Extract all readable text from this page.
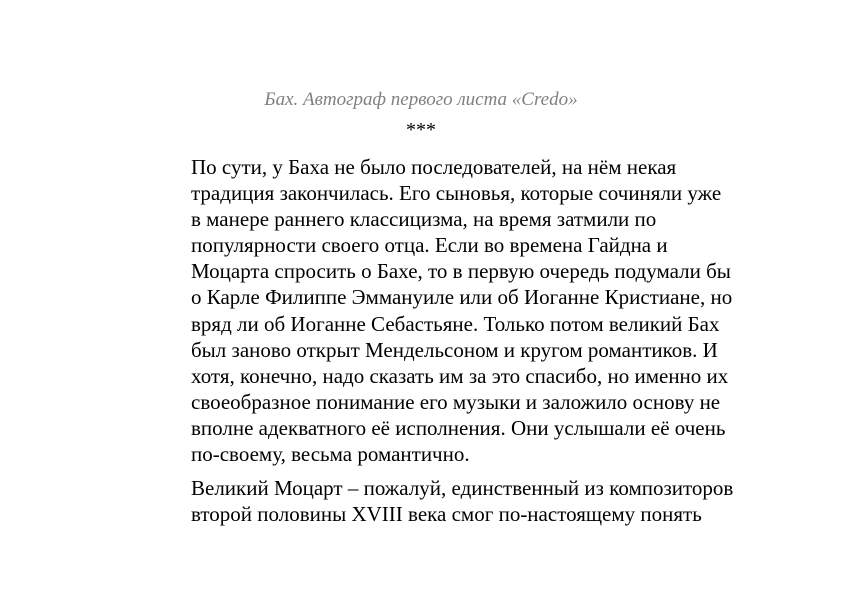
Бах. Автограф первого листа «Credo»
***

По сути, у Баха не было последователей, на нём некая
традиция закончилась. Его сыновья, которые сочиняли уже
в манере раннего классицизма, на время затмили по
популярности своего отца. Если во времена Гайдна и
Моцарта спросить о Бахе, то в первую очередь подумали бы
о Карле Филиппе Эммануиле или об Иоганне Кристиане, но
вряд ли об Иоганне Себастьяне. Только потом великий Бах
был заново открыт Мендельсоном и кругом романтиков. И
хотя, конечно, надо сказать им за это спасибо, но именно их
своеобразное понимание его музыки и заложило основу не
вполне адекватного её исполнения. Они услышали её очень
по-своему, весьма романтично.

Великий Моцарт – пожалуй, единственный из композиторов
второй половины XVIII века смог по-настоящему понять
